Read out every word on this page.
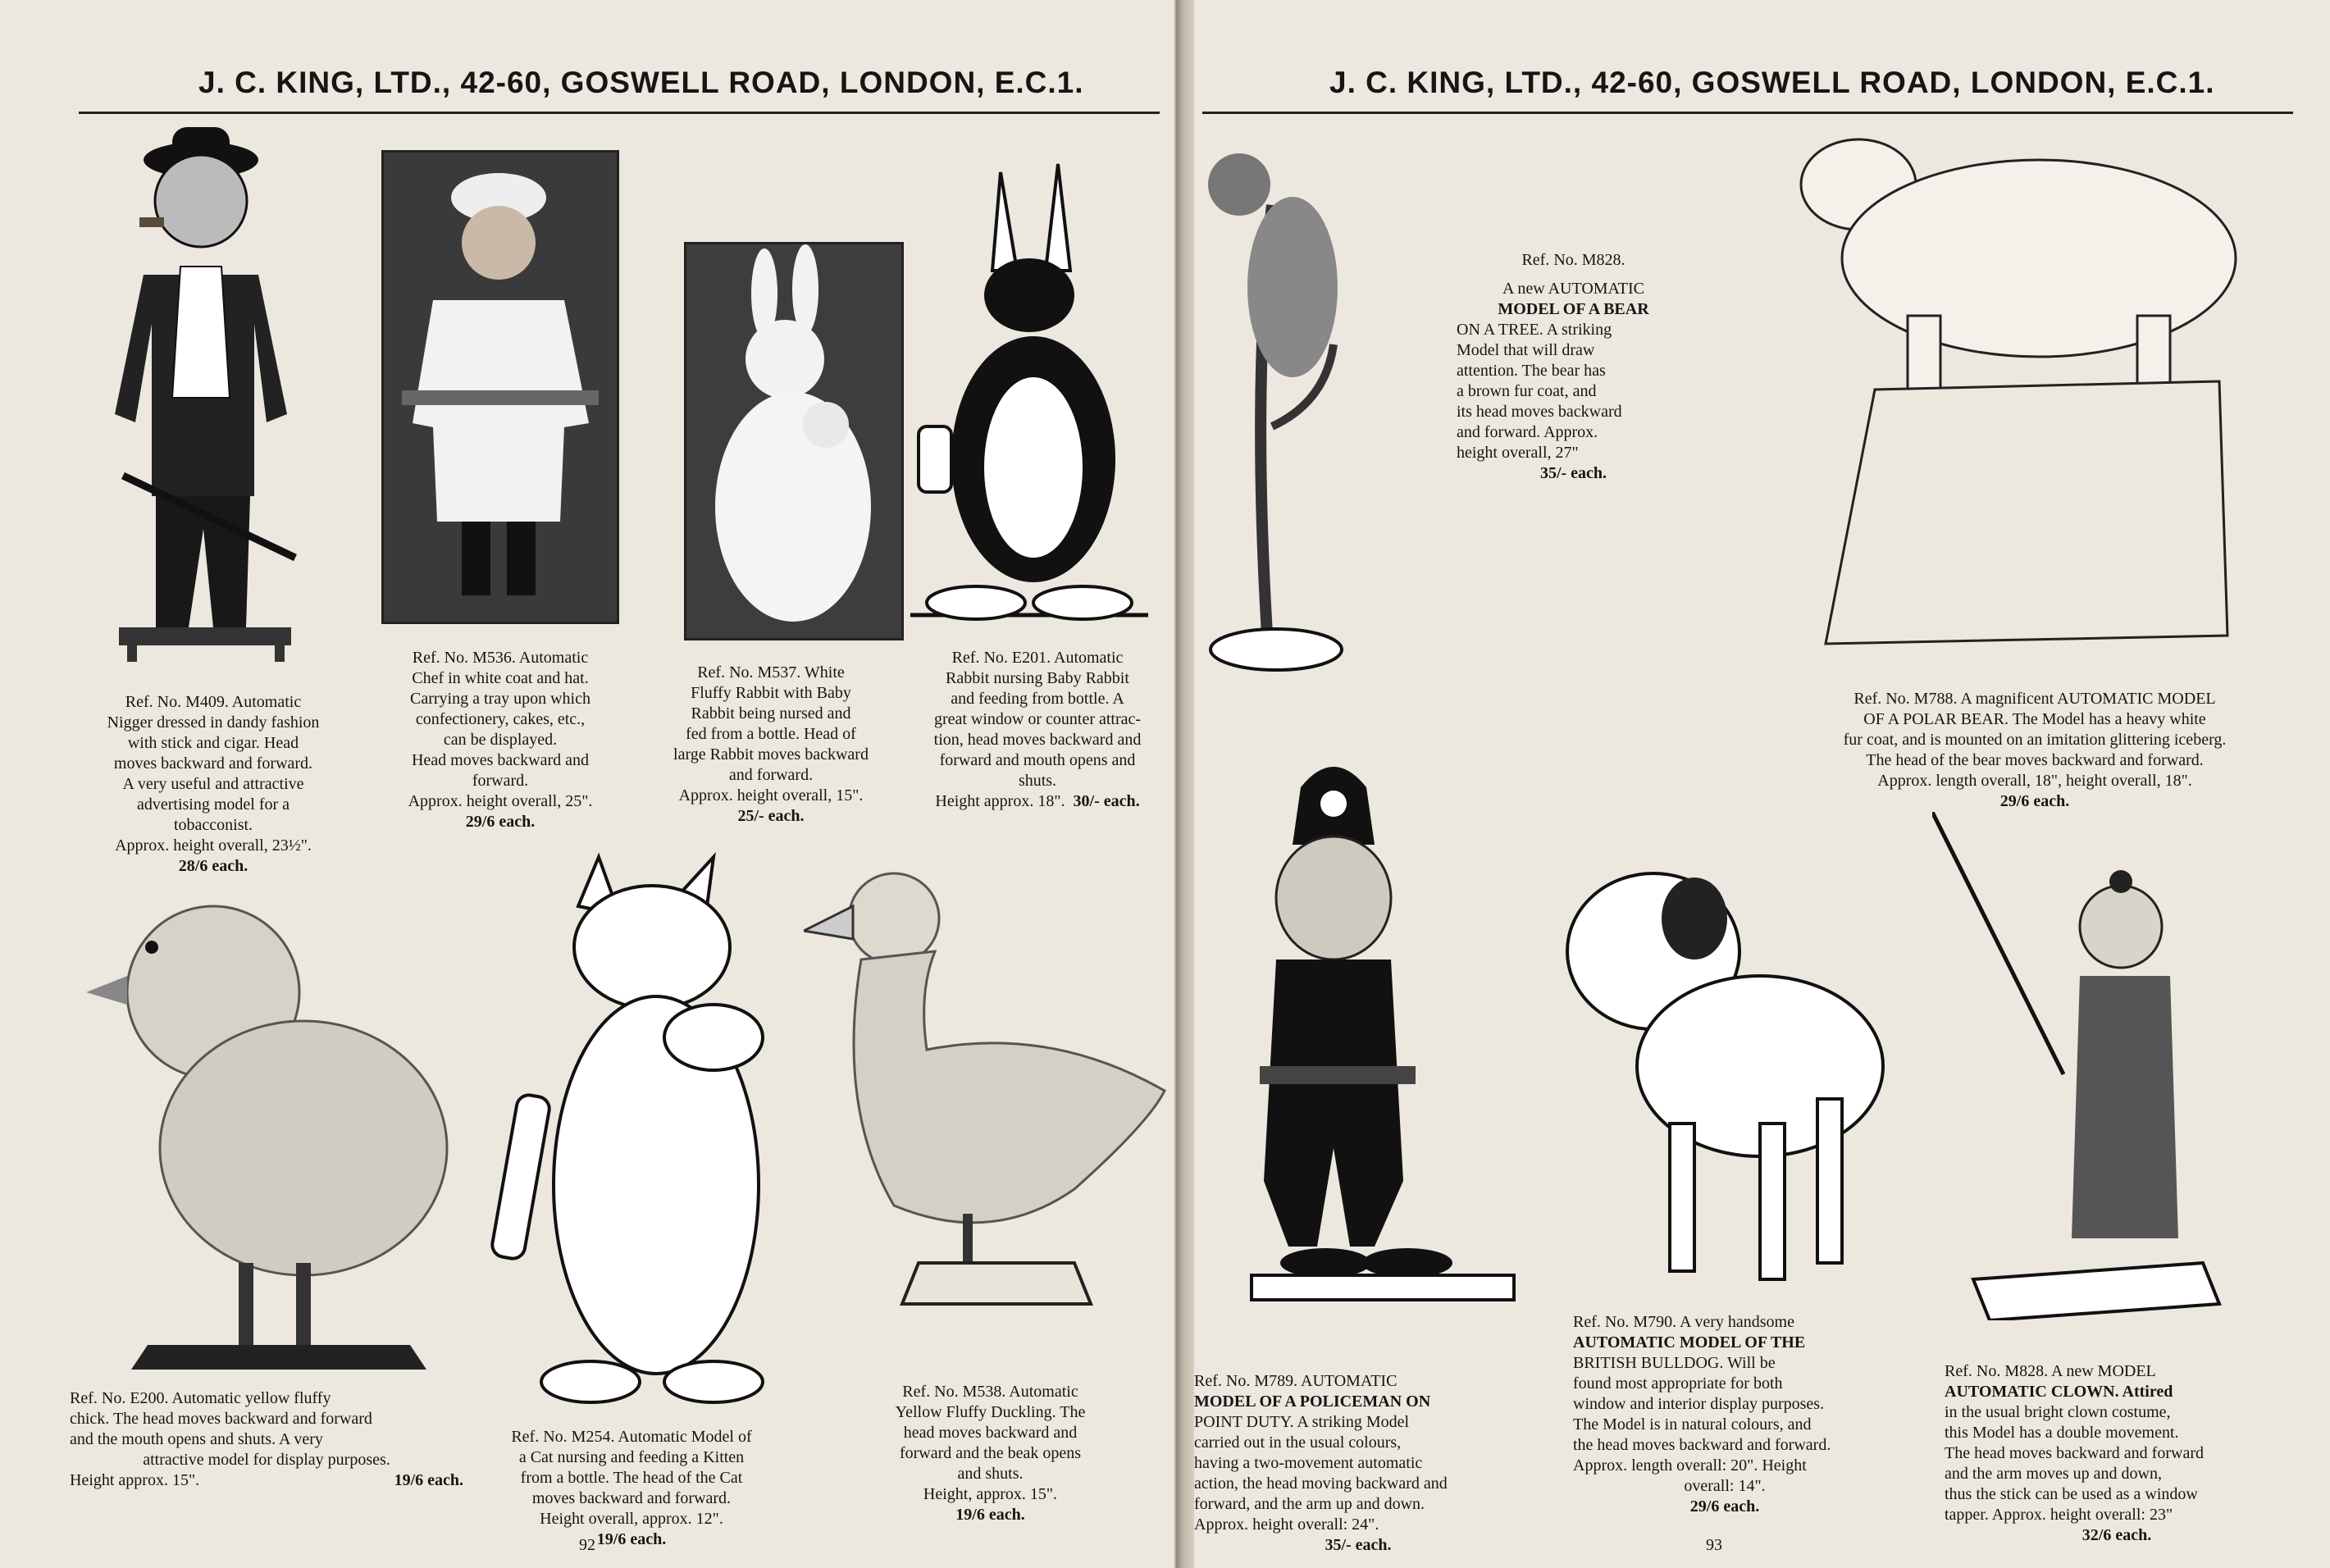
J. C. KING, LTD., 42-60, GOSWELL ROAD, LONDON, E.C.1.

Ref. No. M409. Automatic

Nigger dressed in dandy fashion

with stick and cigar. Head

moves backward and forward.

A very useful and attractive

advertising model for a

tobacconist.

Approx. height overall, 23½".

28/6 each.

Ref. No. M536. Automatic

Chef in white coat and hat.

Carrying a tray upon which

confectionery, cakes, etc.,

can be displayed.

Head moves backward and

forward.

Approx. height overall, 25".

29/6 each.

Ref. No. M537. White

Fluffy Rabbit with Baby

Rabbit being nursed and

fed from a bottle. Head of

large Rabbit moves backward

and forward.

Approx. height overall, 15".

25/- each.

Ref. No. E201. Automatic

Rabbit nursing Baby Rabbit

and feeding from bottle. A

great window or counter attrac-

tion, head moves backward and

forward and mouth opens and

shuts.

Height approx. 18". 30/- each.

Ref. No. E200. Automatic yellow fluffy

chick. The head moves backward and forward

and the mouth opens and shuts. A very

attractive model for display purposes.

Height approx. 15".	19/6 each.

Ref. No. M254. Automatic Model of

a Cat nursing and feeding a Kitten

from a bottle. The head of the Cat

moves backward and forward.

Height overall, approx. 12".

19/6 each.

Ref. No. M538. Automatic

Yellow Fluffy Duckling. The

head moves backward and

forward and the beak opens

and shuts.

Height, approx. 15".

19/6 each.

92
J. C. KING, LTD., 42-60, GOSWELL ROAD, LONDON, E.C.1.

Ref. No. M828.

A new AUTOMATIC

MODEL OF A BEAR

ON A TREE. A striking

Model that will draw

attention. The bear has

a brown fur coat, and

its head moves backward

and forward. Approx.

height overall, 27"

35/- each.

Ref. No. M788. A magnificent AUTOMATIC MODEL

OF A POLAR BEAR. The Model has a heavy white

fur coat, and is mounted on an imitation glittering iceberg.

The head of the bear moves backward and forward.

Approx. length overall, 18", height overall, 18".

29/6 each.

Ref. No. M789. AUTOMATIC

MODEL OF A POLICEMAN ON

POINT DUTY. A striking Model

carried out in the usual colours,

having a two-movement automatic

action, the head moving backward and

forward, and the arm up and down.

Approx. height overall: 24".

35/- each.

Ref. No. M790. A very handsome

AUTOMATIC MODEL OF THE

BRITISH BULLDOG. Will be

found most appropriate for both

window and interior display purposes.

The Model is in natural colours, and

the head moves backward and forward.

Approx. length overall: 20". Height

overall: 14".

29/6 each.

Ref. No. M828. A new MODEL

AUTOMATIC CLOWN. Attired

in the usual bright clown costume,

this Model has a double movement.

The head moves backward and forward

and the arm moves up and down,

thus the stick can be used as a window

tapper. Approx. height overall: 23"

32/6 each.

93
